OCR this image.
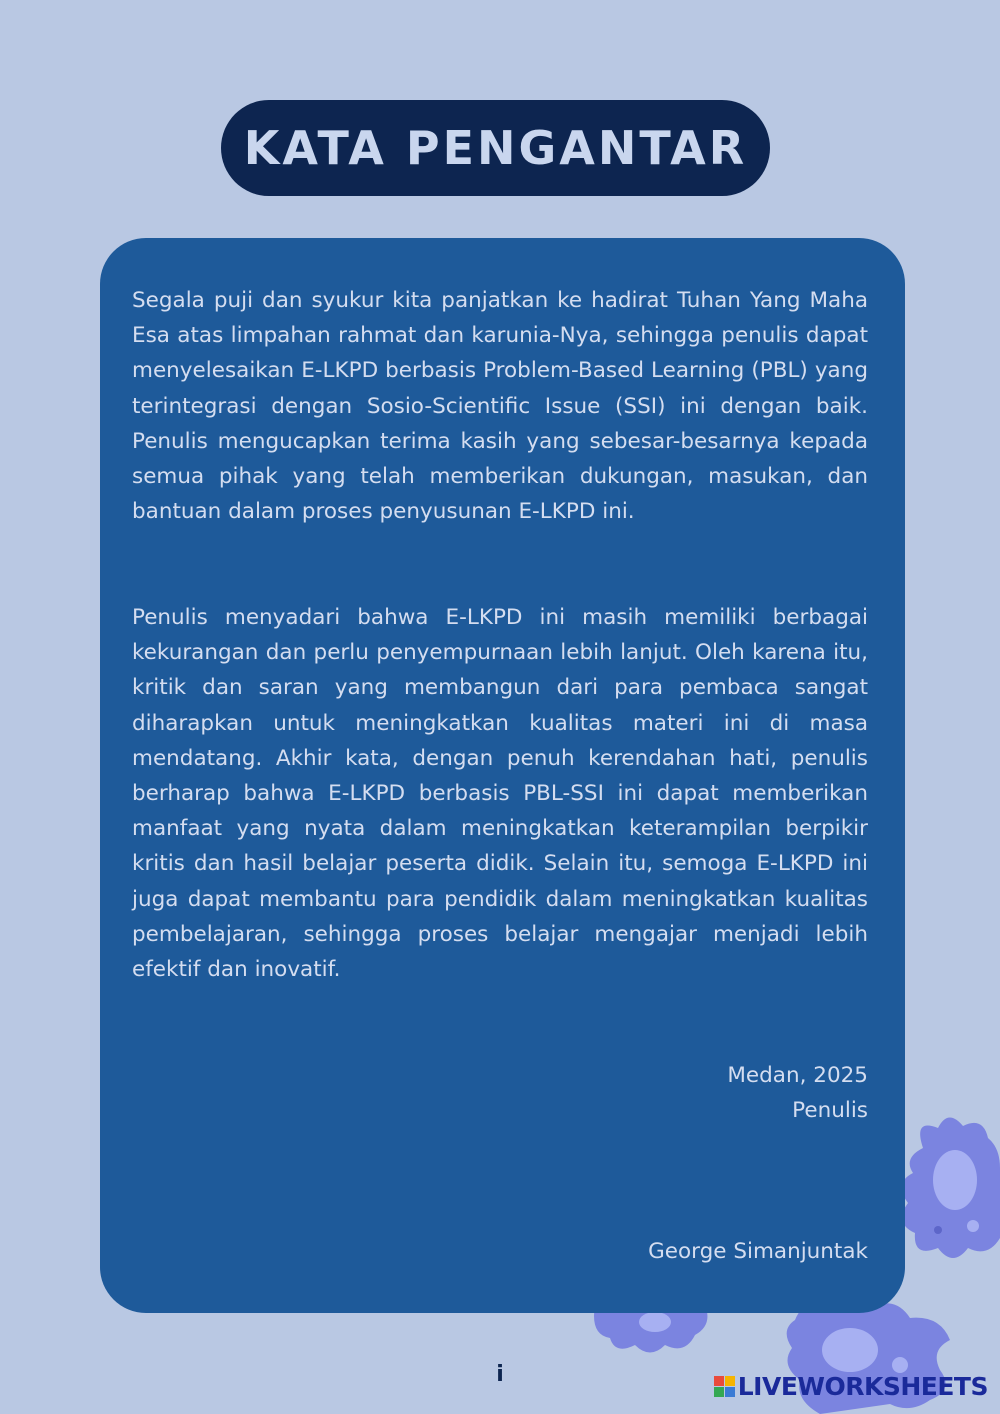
KATA PENGANTAR

Segala puji dan syukur kita panjatkan ke hadirat Tuhan Yang Maha Esa atas limpahan rahmat dan karunia-Nya, sehingga penulis dapat menyelesaikan E-LKPD berbasis Problem-Based Learning (PBL) yang terintegrasi dengan Sosio-Scientific Issue (SSI) ini dengan baik. Penulis mengucapkan terima kasih yang sebesar-besarnya kepada semua pihak yang telah memberikan dukungan, masukan, dan bantuan dalam proses penyusunan E-LKPD ini.

Penulis menyadari bahwa E-LKPD ini masih memiliki berbagai kekurangan dan perlu penyempurnaan lebih lanjut. Oleh karena itu, kritik dan saran yang membangun dari para pembaca sangat diharapkan untuk meningkatkan kualitas materi ini di masa mendatang. Akhir kata, dengan penuh kerendahan hati, penulis berharap bahwa E-LKPD berbasis PBL-SSI ini dapat memberikan manfaat yang nyata dalam meningkatkan keterampilan berpikir kritis dan hasil belajar peserta didik. Selain itu, semoga E-LKPD ini juga dapat membantu para pendidik dalam meningkatkan kualitas pembelajaran, sehingga proses belajar mengajar menjadi lebih efektif dan inovatif.

Medan, 2025

Penulis

George Simanjuntak

i	LIVEWORKSHEETS
